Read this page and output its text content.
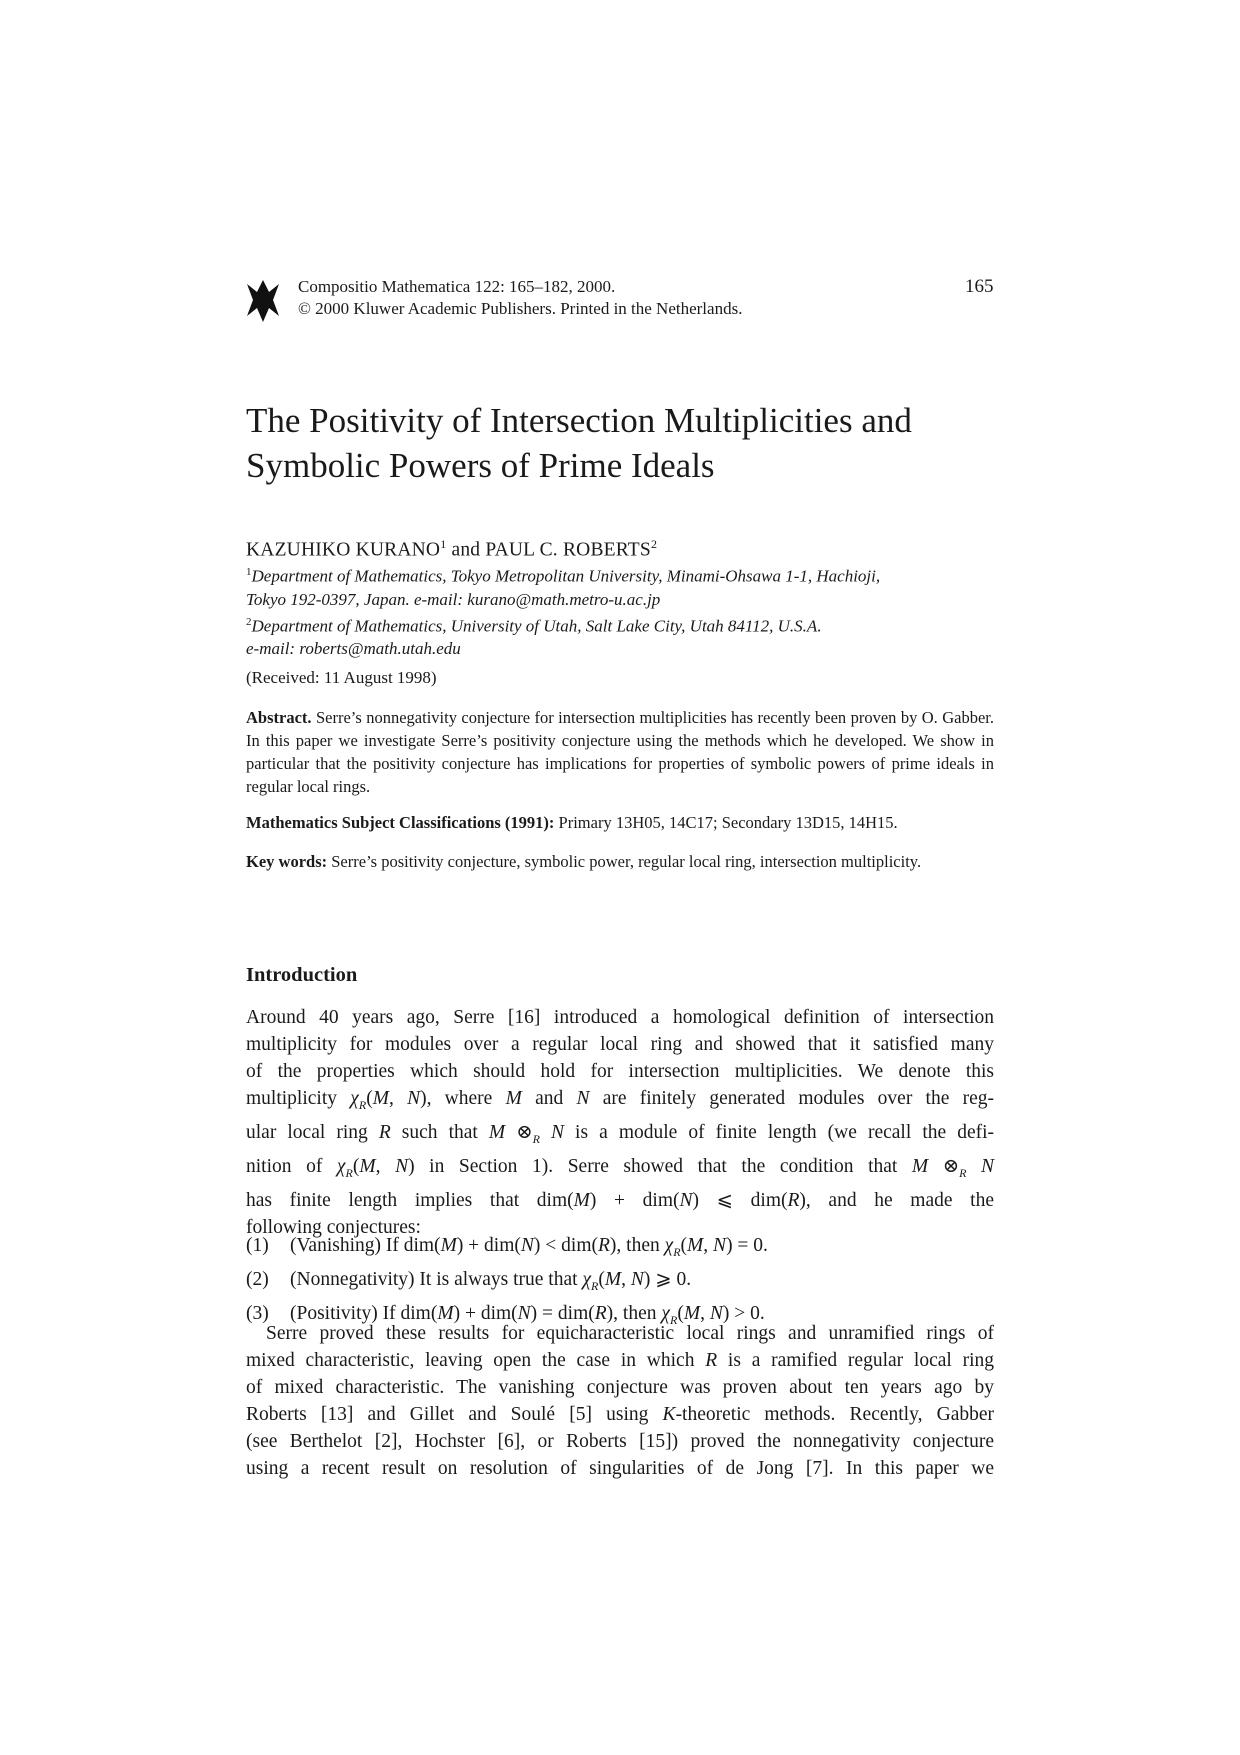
Compositio Mathematica 122: 165–182, 2000.
© 2000 Kluwer Academic Publishers. Printed in the Netherlands.
165
The Positivity of Intersection Multiplicities and
Symbolic Powers of Prime Ideals
KAZUHIKO KURANO$^1$ and PAUL C. ROBERTS$^2$
$^1$Department of Mathematics, Tokyo Metropolitan University, Minami-Ohsawa 1-1, Hachioji,
Tokyo 192-0397, Japan. e-mail: kurano@math.metro-u.ac.jp
$^2$Department of Mathematics, University of Utah, Salt Lake City, Utah 84112, U.S.A.
e-mail: roberts@math.utah.edu
(Received: 11 August 1998)
Abstract. Serre’s nonnegativity conjecture for intersection multiplicities has recently been proven by O. Gabber. In this paper we investigate Serre’s positivity conjecture using the methods which he developed. We show in particular that the positivity conjecture has implications for properties of symbolic powers of prime ideals in regular local rings.
Mathematics Subject Classifications (1991): Primary 13H05, 14C17; Secondary 13D15, 14H15.
Key words: Serre’s positivity conjecture, symbolic power, regular local ring, intersection multiplicity.
Introduction
Around 40 years ago, Serre [16] introduced a homological definition of intersection
multiplicity for modules over a regular local ring and showed that it satisfied many
of the properties which should hold for intersection multiplicities. We denote this
multiplicity $\chi_R(M$, N), where M and N are finitely generated modules over the reg-
ular local ring R such that M $\otimes_R$ N is a module of finite length (we recall the defi-
nition of $\chi_R(M$, N) in Section 1). Serre showed that the condition that M $\otimes_R$ N
has finite length implies that dim(M) + dim(N) ⩽ dim(R), and he made the
following conjectures:
(1) (Vanishing) If dim(M) + dim(N) < dim(R), then $\chi_R(M$, N) = 0.
(2) (Nonnegativity) It is always true that $\chi_R(M$, N) ⩾ 0.
(3) (Positivity) If dim(M) + dim(N) = dim(R), then $\chi_R(M$, N) > 0.
Serre proved these results for equicharacteristic local rings and unramified rings of
mixed characteristic, leaving open the case in which R is a ramified regular local ring
of mixed characteristic. The vanishing conjecture was proven about ten years ago by
Roberts [13] and Gillet and Soulé [5] using K-theoretic methods. Recently, Gabber
(see Berthelot [2], Hochster [6], or Roberts [15]) proved the nonnegativity conjecture
using a recent result on resolution of singularities of de Jong [7]. In this paper we
